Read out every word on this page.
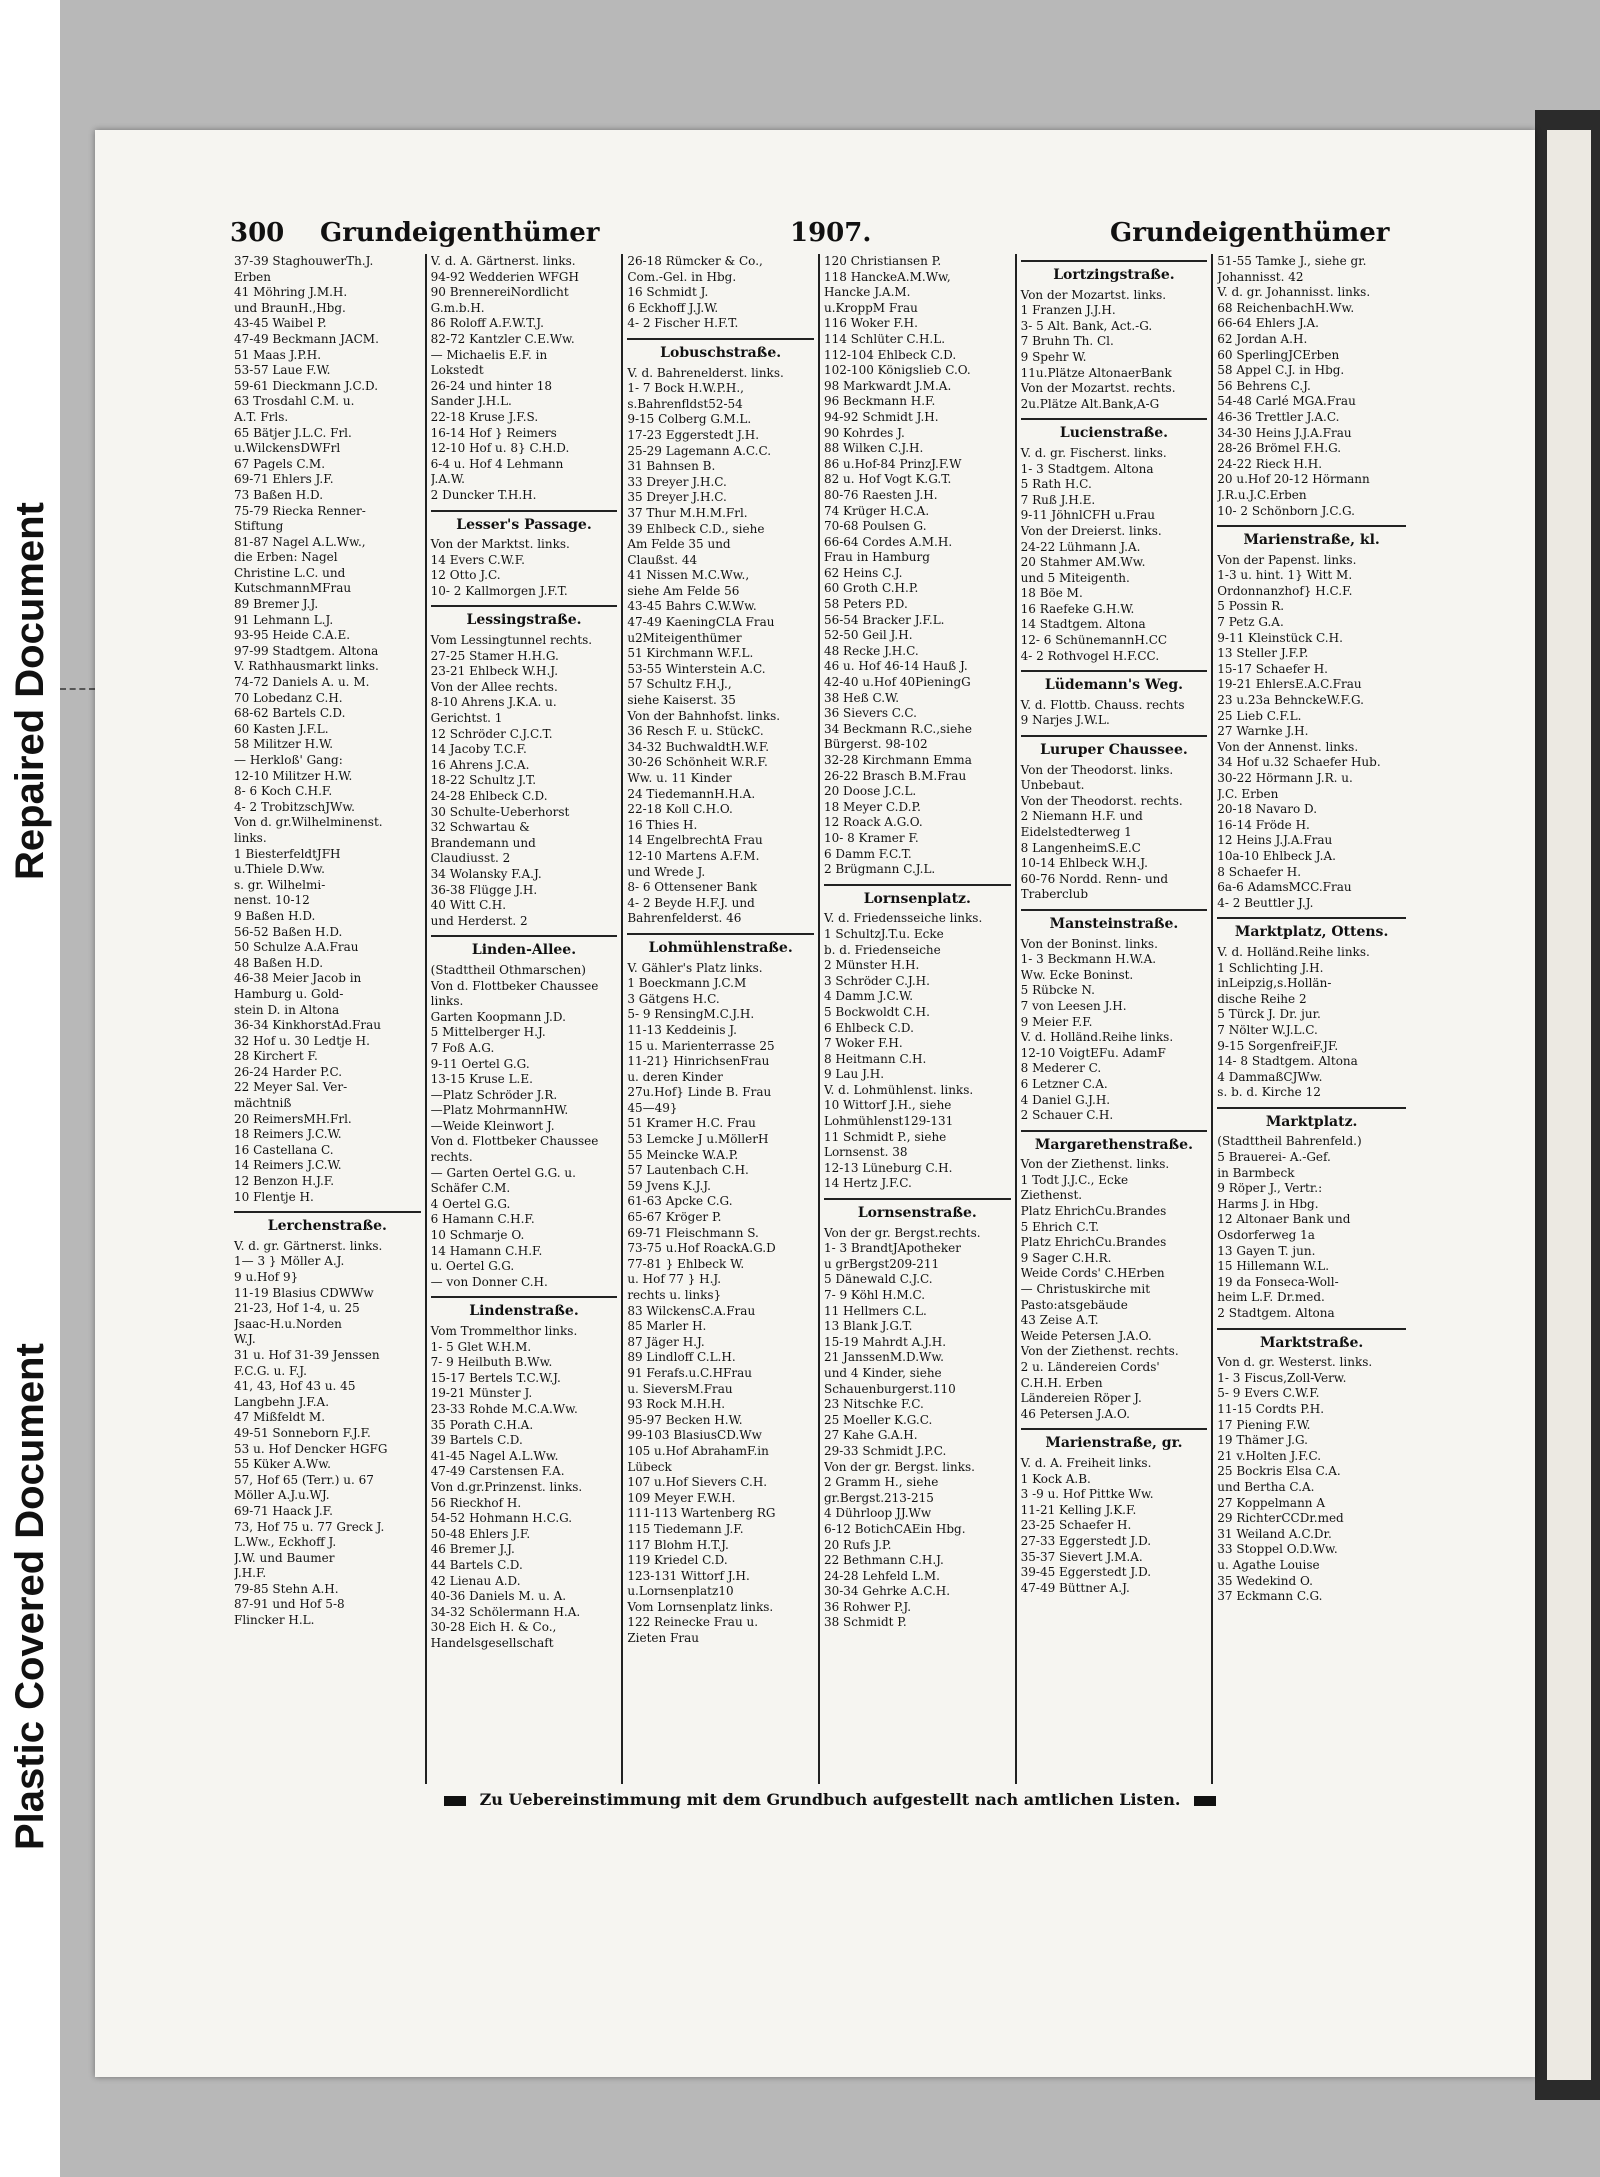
Repaired Document
Plastic Covered Document
300 Grundeigenthümer	1907.	Grundeigenthümer
37-39 StaghouwerTh.J.
Erben
41 Möhring J.M.H.
und BraunH.,Hbg.
43-45 Waibel P.
47-49 Beckmann JACM.
51 Maas J.P.H.
53-57 Laue F.W.
59-61 Dieckmann J.C.D.
63 Trosdahl C.M. u.
A.T. Frls.
65 Bätjer J.L.C. Frl.
u.WilckensDWFrl
67 Pagels C.M.
69-71 Ehlers J.F.
73 Baßen H.D.
75-79 Riecka Renner-
Stiftung
81-87 Nagel A.L.Ww.,
die Erben: Nagel
Christine L.C. und
KutschmannMFrau
89 Bremer J.J.
91 Lehmann L.J.
93-95 Heide C.A.E.
97-99 Stadtgem. Altona
V. Rathhausmarkt links.
74-72 Daniels A. u. M.
70 Lobedanz C.H.
68-62 Bartels C.D.
60 Kasten J.F.L.
58 Militzer H.W.
— Herkloß' Gang:
12-10 Militzer H.W.
8- 6 Koch C.H.F.
4- 2 TrobitzschJWw.
Von d. gr.Wilhelminenst.
links.
1 BiesterfeldtJFH
u.Thiele D.Ww.
s. gr. Wilhelmi-
nenst. 10-12
9 Baßen H.D.
56-52 Baßen H.D.
50 Schulze A.A.Frau
48 Baßen H.D.
46-38 Meier Jacob in
Hamburg u. Gold-
stein D. in Altona
36-34 KinkhorstAd.Frau
32 Hof u. 30 Ledtje H.
28 Kirchert F.
26-24 Harder P.C.
22 Meyer Sal. Ver-
mächtniß
20 ReimersMH.Frl.
18 Reimers J.C.W.
16 Castellana C.
14 Reimers J.C.W.
12 Benzon H.J.F.
10 Flentje H.
Lerchenstraße.
V. d. gr. Gärtnerst. links.
1— 3 } Möller A.J.
9 u.Hof 9}
11-19 Blasius CDWWw
21-23, Hof 1-4, u. 25
Jsaac-H.u.Norden
W.J.
31 u. Hof 31-39 Jenssen
F.C.G. u. F.J.
41, 43, Hof 43 u. 45
Langbehn J.F.A.
47 Mißfeldt M.
49-51 Sonneborn F.J.F.
53 u. Hof Dencker HGFG
55 Küker A.Ww.
57, Hof 65 (Terr.) u. 67
Möller A.J.u.WJ.
69-71 Haack J.F.
73, Hof 75 u. 77 Greck J.
L.Ww., Eckhoff J.
J.W. und Baumer
J.H.F.
79-85 Stehn A.H.
87-91 und Hof 5-8
Flincker H.L.
V. d. A. Gärtnerst. links.
94-92 Wedderien WFGH
90 BrennereiNordlicht
G.m.b.H.
86 Roloff A.F.W.T.J.
82-72 Kantzler C.E.Ww.
— Michaelis E.F. in
Lokstedt
26-24 und hinter 18
Sander J.H.L.
22-18 Kruse J.F.S.
16-14 Hof } Reimers
12-10 Hof u. 8} C.H.D.
6-4 u. Hof 4 Lehmann
J.A.W.
2 Duncker T.H.H.
Lesser's Passage.
Von der Marktst. links.
14 Evers C.W.F.
12 Otto J.C.
10- 2 Kallmorgen J.F.T.
Lessingstraße.
Vom Lessingtunnel rechts.
27-25 Stamer H.H.G.
23-21 Ehlbeck W.H.J.
Von der Allee rechts.
8-10 Ahrens J.K.A. u.
Gerichtst. 1
12 Schröder C.J.C.T.
14 Jacoby T.C.F.
16 Ahrens J.C.A.
18-22 Schultz J.T.
24-28 Ehlbeck C.D.
30 Schulte-Ueberhorst
32 Schwartau &
Brandemann und
Claudiusst. 2
34 Wolansky F.A.J.
36-38 Flügge J.H.
40 Witt C.H.
und Herderst. 2
Linden-Allee.
(Stadttheil Othmarschen)
Von d. Flottbeker Chaussee
links.
Garten Koopmann J.D.
5 Mittelberger H.J.
7 Foß A.G.
9-11 Oertel G.G.
13-15 Kruse L.E.
—Platz Schröder J.R.
—Platz MohrmannHW.
—Weide Kleinwort J.
Von d. Flottbeker Chaussee
rechts.
— Garten Oertel G.G. u.
Schäfer C.M.
4 Oertel G.G.
6 Hamann C.H.F.
10 Schmarje O.
14 Hamann C.H.F.
u. Oertel G.G.
— von Donner C.H.
Lindenstraße.
Vom Trommelthor links.
1- 5 Glet W.H.M.
7- 9 Heilbuth B.Ww.
15-17 Bertels T.C.W.J.
19-21 Münster J.
23-33 Rohde M.C.A.Ww.
35 Porath C.H.A.
39 Bartels C.D.
41-45 Nagel A.L.Ww.
47-49 Carstensen F.A.
Von d.gr.Prinzenst. links.
56 Rieckhof H.
54-52 Hohmann H.C.G.
50-48 Ehlers J.F.
46 Bremer J.J.
44 Bartels C.D.
42 Lienau A.D.
40-36 Daniels M. u. A.
34-32 Schölermann H.A.
30-28 Eich H. & Co.,
Handelsgesellschaft
26-18 Rümcker & Co.,
Com.-Gel. in Hbg.
16 Schmidt J.
6 Eckhoff J.J.W.
4- 2 Fischer H.F.T.
Lobuschstraße.
V. d. Bahrenelderst. links.
1- 7 Bock H.W.P.H.,
s.Bahrenfldst52-54
9-15 Colberg G.M.L.
17-23 Eggerstedt J.H.
25-29 Lagemann A.C.C.
31 Bahnsen B.
33 Dreyer J.H.C.
35 Dreyer J.H.C.
37 Thur M.H.M.Frl.
39 Ehlbeck C.D., siehe
Am Felde 35 und
Claußst. 44
41 Nissen M.C.Ww.,
siehe Am Felde 56
43-45 Bahrs C.W.Ww.
47-49 KaeningCLA Frau
u2Miteigenthümer
51 Kirchmann W.F.L.
53-55 Winterstein A.C.
57 Schultz F.H.J.,
siehe Kaiserst. 35
Von der Bahnhofst. links.
36 Resch F. u. StückC.
34-32 BuchwaldtH.W.F.
30-26 Schönheit W.R.F.
Ww. u. 11 Kinder
24 TiedemannH.H.A.
22-18 Koll C.H.O.
16 Thies H.
14 EngelbrechtA Frau
12-10 Martens A.F.M.
und Wrede J.
8- 6 Ottensener Bank
4- 2 Beyde H.F.J. und
Bahrenfelderst. 46
Lohmühlenstraße.
V. Gähler's Platz links.
1 Boeckmann J.C.M
3 Gätgens H.C.
5- 9 RensingM.C.J.H.
11-13 Keddeinis J.
15 u. Marienterrasse 25
11-21} HinrichsenFrau
u. deren Kinder
27u.Hof} Linde B. Frau
45—49}
51 Kramer H.C. Frau
53 Lemcke J u.MöllerH
55 Meincke W.A.P.
57 Lautenbach C.H.
59 Jvens K.J.J.
61-63 Apcke C.G.
65-67 Kröger P.
69-71 Fleischmann S.
73-75 u.Hof RoackA.G.D
77-81 } Ehlbeck W.
u. Hof 77 } H.J.
rechts u. links}
83 WilckensC.A.Frau
85 Marler H.
87 Jäger H.J.
89 Lindloff C.L.H.
91 Ferafs.u.C.HFrau
u. SieversM.Frau
93 Rock M.H.H.
95-97 Becken H.W.
99-103 BlasiusCD.Ww
105 u.Hof AbrahamF.in
Lübeck
107 u.Hof Sievers C.H.
109 Meyer F.W.H.
111-113 Wartenberg RG
115 Tiedemann J.F.
117 Blohm H.T.J.
119 Kriedel C.D.
123-131 Wittorf J.H.
u.Lornsenplatz10
Vom Lornsenplatz links.
122 Reinecke Frau u.
Zieten Frau
120 Christiansen P.
118 HanckeA.M.Ww,
Hancke J.A.M.
u.KroppM Frau
116 Woker F.H.
114 Schlüter C.H.L.
112-104 Ehlbeck C.D.
102-100 Königslieb C.O.
98 Markwardt J.M.A.
96 Beckmann H.F.
94-92 Schmidt J.H.
90 Kohrdes J.
88 Wilken C.J.H.
86 u.Hof-84 PrinzJ.F.W
82 u. Hof Vogt K.G.T.
80-76 Raesten J.H.
74 Krüger H.C.A.
70-68 Poulsen G.
66-64 Cordes A.M.H.
Frau in Hamburg
62 Heins C.J.
60 Groth C.H.P.
58 Peters P.D.
56-54 Bracker J.F.L.
52-50 Geil J.H.
48 Recke J.H.C.
46 u. Hof 46-14 Hauß J.
42-40 u.Hof 40PieningG
38 Heß C.W.
36 Sievers C.C.
34 Beckmann R.C.,siehe
Bürgerst. 98-102
32-28 Kirchmann Emma
26-22 Brasch B.M.Frau
20 Doose J.C.L.
18 Meyer C.D.P.
12 Roack A.G.O.
10- 8 Kramer F.
6 Damm F.C.T.
2 Brügmann C.J.L.
Lornsenplatz.
V. d. Friedensseiche links.
1 SchultzJ.T.u. Ecke
b. d. Friedenseiche
2 Münster H.H.
3 Schröder C.J.H.
4 Damm J.C.W.
5 Bockwoldt C.H.
6 Ehlbeck C.D.
7 Woker F.H.
8 Heitmann C.H.
9 Lau J.H.
V. d. Lohmühlenst. links.
10 Wittorf J.H., siehe
Lohmühlenst129-131
11 Schmidt P., siehe
Lornsenst. 38
12-13 Lüneburg C.H.
14 Hertz J.F.C.
Lornsenstraße.
Von der gr. Bergst.rechts.
1- 3 BrandtJApotheker
u grBergst209-211
5 Dänewald C.J.C.
7- 9 Köhl H.M.C.
11 Hellmers C.L.
13 Blank J.G.T.
15-19 Mahrdt A.J.H.
21 JanssenM.D.Ww.
und 4 Kinder, siehe
Schauenburgerst.110
23 Nitschke F.C.
25 Moeller K.G.C.
27 Kahe G.A.H.
29-33 Schmidt J.P.C.
Von der gr. Bergst. links.
2 Gramm H., siehe
gr.Bergst.213-215
4 Dührloop JJ.Ww
6-12 BotichCAEin Hbg.
20 Rufs J.P.
22 Bethmann C.H.J.
24-28 Lehfeld L.M.
30-34 Gehrke A.C.H.
36 Rohwer P.J.
38 Schmidt P.
Lortzingstraße.
Von der Mozartst. links.
1 Franzen J.J.H.
3- 5 Alt. Bank, Act.-G.
7 Bruhn Th. Cl.
9 Spehr W.
11u.Plätze AltonaerBank
Von der Mozartst. rechts.
2u.Plätze Alt.Bank,A-G
Lucienstraße.
V. d. gr. Fischerst. links.
1- 3 Stadtgem. Altona
5 Rath H.C.
7 Ruß J.H.E.
9-11 JöhnlCFH u.Frau
Von der Dreierst. links.
24-22 Lühmann J.A.
20 Stahmer AM.Ww.
und 5 Miteigenth.
18 Böe M.
16 Raefeke G.H.W.
14 Stadtgem. Altona
12- 6 SchünemannH.CC
4- 2 Rothvogel H.F.CC.
Lüdemann's Weg.
V. d. Flottb. Chauss. rechts
9 Narjes J.W.L.
Luruper Chaussee.
Von der Theodorst. links.
Unbebaut.
Von der Theodorst. rechts.
2 Niemann H.F. und
Eidelstedterweg 1
8 LangenheimS.E.C
10-14 Ehlbeck W.H.J.
60-76 Nordd. Renn- und
Traberclub
Mansteinstraße.
Von der Boninst. links.
1- 3 Beckmann H.W.A.
Ww. Ecke Boninst.
5 Rübcke N.
7 von Leesen J.H.
9 Meier F.F.
V. d. Holländ.Reihe links.
12-10 VoigtEFu. AdamF
8 Mederer C.
6 Letzner C.A.
4 Daniel G.J.H.
2 Schauer C.H.
Margarethenstraße.
Von der Ziethenst. links.
1 Todt J.J.C., Ecke
Ziethenst.
Platz EhrichCu.Brandes
5 Ehrich C.T.
Platz EhrichCu.Brandes
9 Sager C.H.R.
Weide Cords' C.HErben
— Christuskirche mit
Pasto:atsgebäude
43 Zeise A.T.
Weide Petersen J.A.O.
Von der Ziethenst. rechts.
2 u. Ländereien Cords'
C.H.H. Erben
Ländereien Röper J.
46 Petersen J.A.O.
Marienstraße, gr.
V. d. A. Freiheit links.
1 Kock A.B.
3 -9 u. Hof Pittke Ww.
11-21 Kelling J.K.F.
23-25 Schaefer H.
27-33 Eggerstedt J.D.
35-37 Sievert J.M.A.
39-45 Eggerstedt J.D.
47-49 Büttner A.J.
51-55 Tamke J., siehe gr.
Johannisst. 42
V. d. gr. Johannisst. links.
68 ReichenbachH.Ww.
66-64 Ehlers J.A.
62 Jordan A.H.
60 SperlingJCErben
58 Appel C.J. in Hbg.
56 Behrens C.J.
54-48 Carlé MGA.Frau
46-36 Trettler J.A.C.
34-30 Heins J.J.A.Frau
28-26 Brömel F.H.G.
24-22 Rieck H.H.
20 u.Hof 20-12 Hörmann
J.R.u.J.C.Erben
10- 2 Schönborn J.C.G.
Marienstraße, kl.
Von der Papenst. links.
1-3 u. hint. 1} Witt M.
Ordonnanzhof} H.C.F.
5 Possin R.
7 Petz G.A.
9-11 Kleinstück C.H.
13 Steller J.F.P.
15-17 Schaefer H.
19-21 EhlersE.A.C.Frau
23 u.23a BehnckeW.F.G.
25 Lieb C.F.L.
27 Warnke J.H.
Von der Annenst. links.
34 Hof u.32 Schaefer Hub.
30-22 Hörmann J.R. u.
J.C. Erben
20-18 Navaro D.
16-14 Fröde H.
12 Heins J.J.A.Frau
10a-10 Ehlbeck J.A.
8 Schaefer H.
6a-6 AdamsMCC.Frau
4- 2 Beuttler J.J.
Marktplatz, Ottens.
V. d. Holländ.Reihe links.
1 Schlichting J.H.
inLeipzig,s.Hollän-
dische Reihe 2
5 Türck J. Dr. jur.
7 Nölter W.J.L.C.
9-15 SorgenfreiF.JF.
14- 8 Stadtgem. Altona
4 DammaßCJWw.
s. b. d. Kirche 12
Marktplatz.
(Stadttheil Bahrenfeld.)
5 Brauerei- A.-Gef.
in Barmbeck
9 Röper J., Vertr.:
Harms J. in Hbg.
12 Altonaer Bank und
Osdorferweg 1a
13 Gayen T. jun.
15 Hillemann W.L.
19 da Fonseca-Woll-
heim L.F. Dr.med.
2 Stadtgem. Altona
Marktstraße.
Von d. gr. Westerst. links.
1- 3 Fiscus,Zoll-Verw.
5- 9 Evers C.W.F.
11-15 Cordts P.H.
17 Piening F.W.
19 Thämer J.G.
21 v.Holten J.F.C.
25 Bockris Elsa C.A.
und Bertha C.A.
27 Koppelmann A
29 RichterCCDr.med
31 Weiland A.C.Dr.
33 Stoppel O.D.Ww.
u. Agathe Louise
35 Wedekind O.
37 Eckmann C.G.
Zu Uebereinstimmung mit dem Grundbuch aufgestellt nach amtlichen Listen.
